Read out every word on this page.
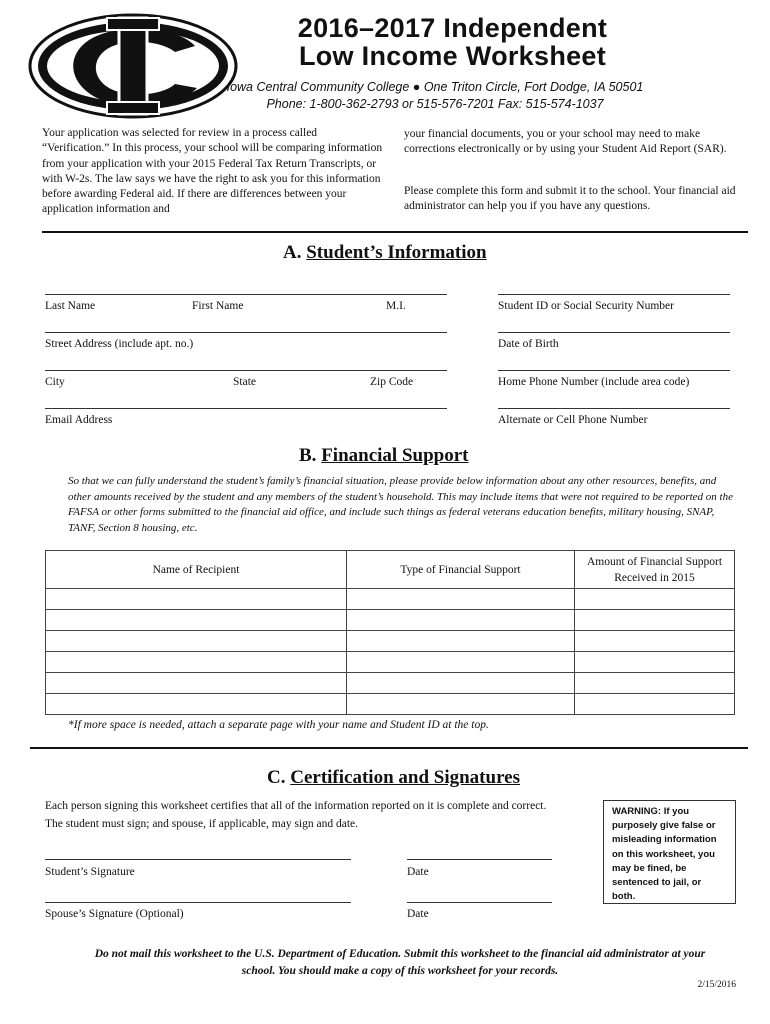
2016–2017 Independent
Low Income Worksheet
Iowa Central Community College ● One Triton Circle, Fort Dodge, IA 50501
Phone: 1-800-362-2793 or 515-576-7201 Fax: 515-574-1037
Your application was selected for review in a process called “Verification.” In this process, your school will be comparing information from your application with your 2015 Federal Tax Return Transcripts, or with W-2s. The law says we have the right to ask you for this information before awarding Federal aid. If there are differences between your application information and
your financial documents, you or your school may need to make corrections electronically or by using your Student Aid Report (SAR).
Please complete this form and submit it to the school. Your financial aid administrator can help you if you have any questions.
A. Student’s Information
Last Name	First Name	M.I.	Student ID or Social Security Number
Street Address (include apt. no.)	Date of Birth
City	State	Zip Code	Home Phone Number (include area code)
Email Address	Alternate or Cell Phone Number
B. Financial Support
So that we can fully understand the student’s family’s financial situation, please provide below information about any other resources, benefits, and other amounts received by the student and any members of the student’s household. This may include items that were not required to be reported on the FAFSA or other forms submitted to the financial aid office, and include such things as federal veterans education benefits, military housing, SNAP, TANF, Section 8 housing, etc.
Name of Recipient	Type of Financial Support	Amount of Financial Support Received in 2015

*If more space is needed, attach a separate page with your name and Student ID at the top.
C. Certification and Signatures
Each person signing this worksheet certifies that all of the information reported on it is complete and correct.
The student must sign; and spouse, if applicable, may sign and date.
WARNING: If you purposely give false or misleading information on this worksheet, you may be fined, be sentenced to jail, or both.
Student’s Signature	Date
Spouse’s Signature (Optional)	Date
Do not mail this worksheet to the U.S. Department of Education. Submit this worksheet to the financial aid administrator at your school. You should make a copy of this worksheet for your records.
2/15/2016
